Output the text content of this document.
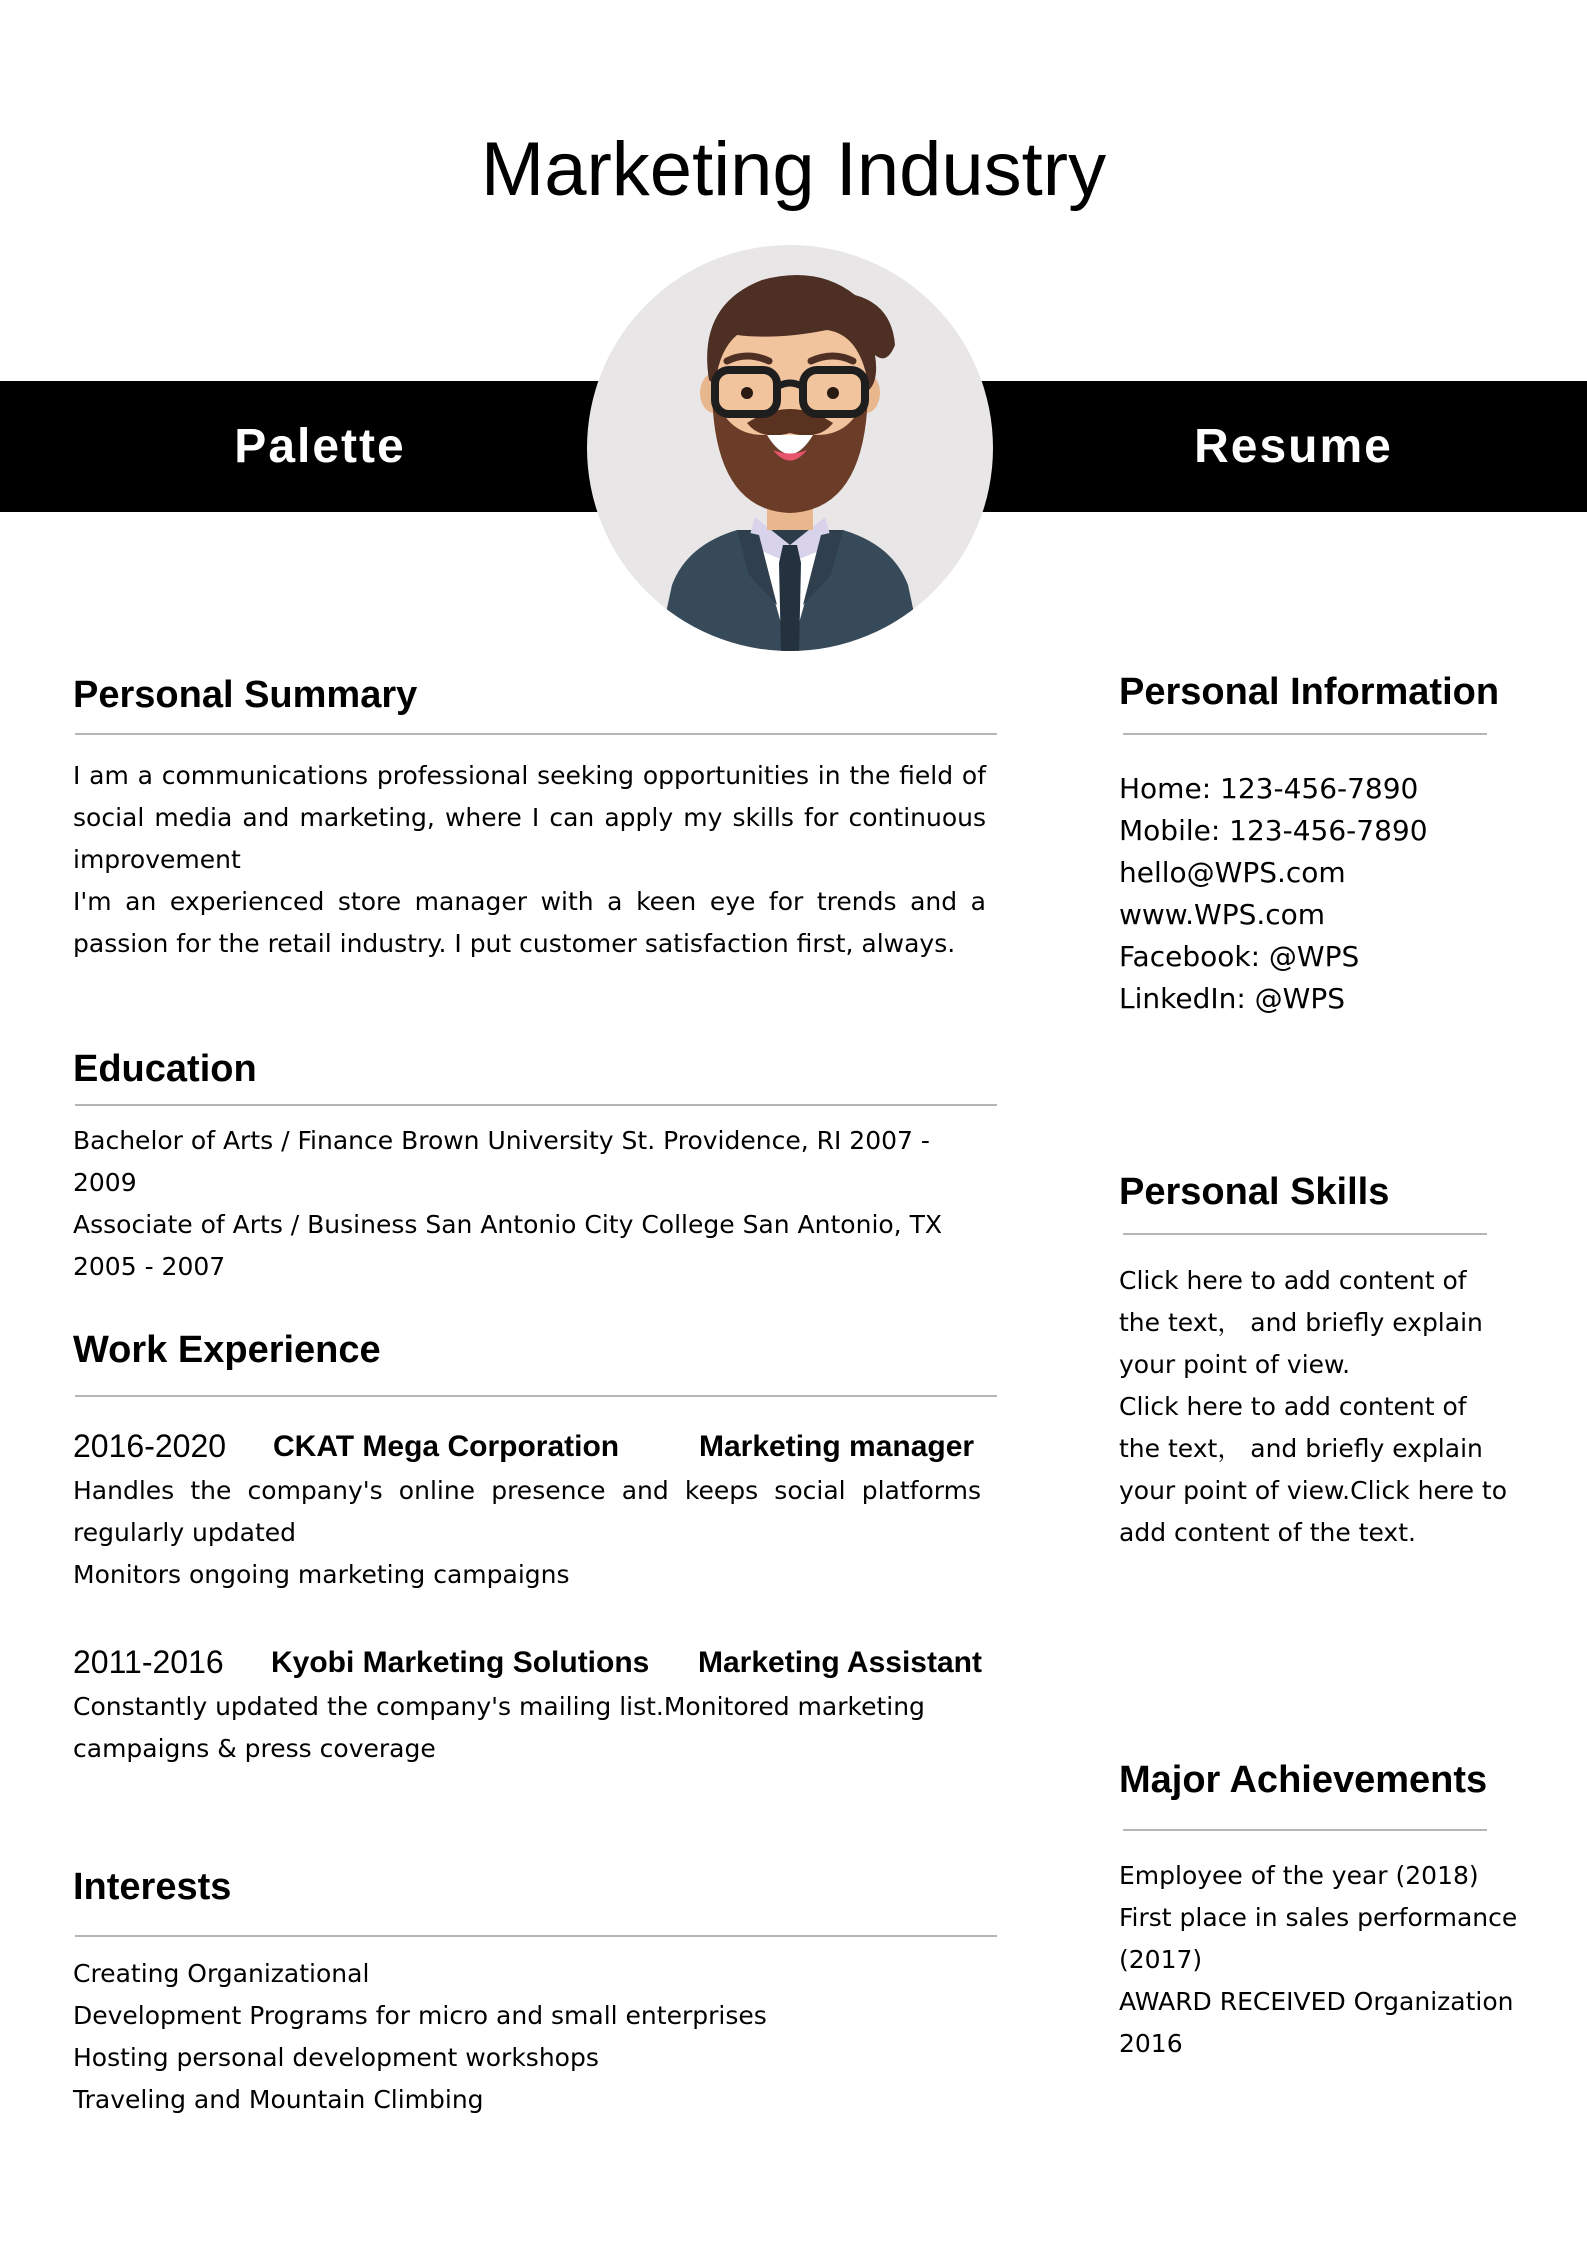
Marketing Industry
Palette	Resume
Personal Summary

I am a communications professional seeking opportunities in the field of social media and marketing, where I can apply my skills for continuous improvement

I'm an experienced store manager with a keen eye for trends and a passion for the retail industry. I put customer satisfaction first, always.

Education
Bachelor of Arts / Finance Brown University St. Providence, RI 2007 - 2009
Associate of Arts / Business San Antonio City College San Antonio, TX 2005 - 2007
Work Experience
2016-2020 CKAT Mega Corporation	Marketing manager

Handles the company's online presence and keeps social platforms regularly updated

Monitors ongoing marketing campaigns

2011-2016 Kyobi Marketing Solutions Marketing Assistant

Constantly updated the company's mailing list.Monitored marketing campaigns & press coverage

Interests
Creating Organizational
Development Programs for micro and small enterprises
Hosting personal development workshops
Traveling and Mountain Climbing
Personal Information
Home: 123-456-7890
Mobile: 123-456-7890
hello@WPS.com
www.WPS.com
Facebook: @WPS
LinkedIn: @WPS
Personal Skills

Click here to add content of the text， and briefly explain your point of view.

Click here to add content of the text， and briefly explain your point of view.Click here to add content of the text.

Major Achievements
Employee of the year (2018)
First place in sales performance (2017)
AWARD RECEIVED Organization 2016
